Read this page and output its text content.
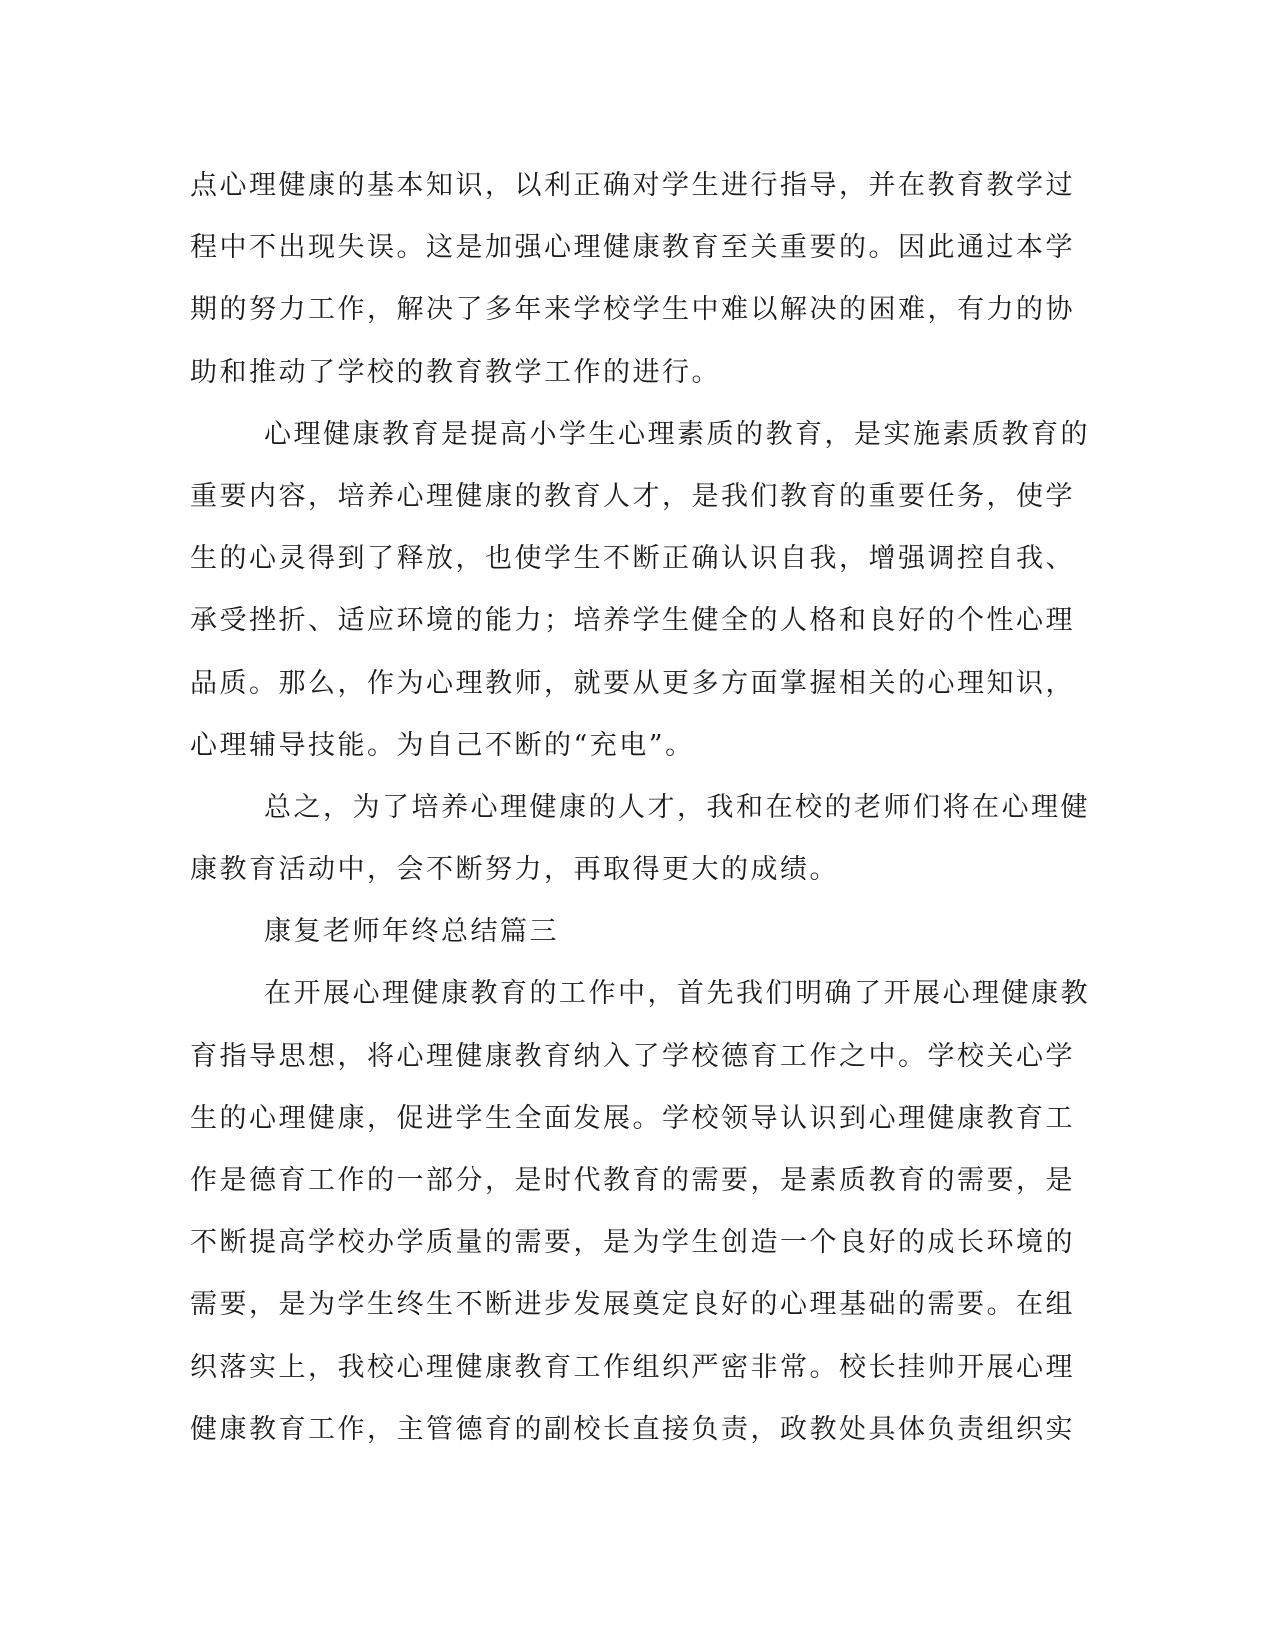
点心理健康的基本知识，以利正确对学生进行指导，并在教育教学过
程中不出现失误。这是加强心理健康教育至关重要的。因此通过本学
期的努力工作，解决了多年来学校学生中难以解决的困难，有力的协
助和推动了学校的教育教学工作的进行。
心理健康教育是提高小学生心理素质的教育，是实施素质教育的
重要内容，培养心理健康的教育人才，是我们教育的重要任务，使学
生的心灵得到了释放，也使学生不断正确认识自我，增强调控自我、
承受挫折、适应环境的能力；培养学生健全的人格和良好的个性心理
品质。那么，作为心理教师，就要从更多方面掌握相关的心理知识，
心理辅导技能。为自己不断的“充电”。
总之，为了培养心理健康的人才，我和在校的老师们将在心理健
康教育活动中，会不断努力，再取得更大的成绩。
康复老师年终总结篇三
在开展心理健康教育的工作中，首先我们明确了开展心理健康教
育指导思想，将心理健康教育纳入了学校德育工作之中。学校关心学
生的心理健康，促进学生全面发展。学校领导认识到心理健康教育工
作是德育工作的一部分，是时代教育的需要，是素质教育的需要，是
不断提高学校办学质量的需要，是为学生创造一个良好的成长环境的
需要，是为学生终生不断进步发展奠定良好的心理基础的需要。在组
织落实上，我校心理健康教育工作组织严密非常。校长挂帅开展心理
健康教育工作，主管德育的副校长直接负责，政教处具体负责组织实
